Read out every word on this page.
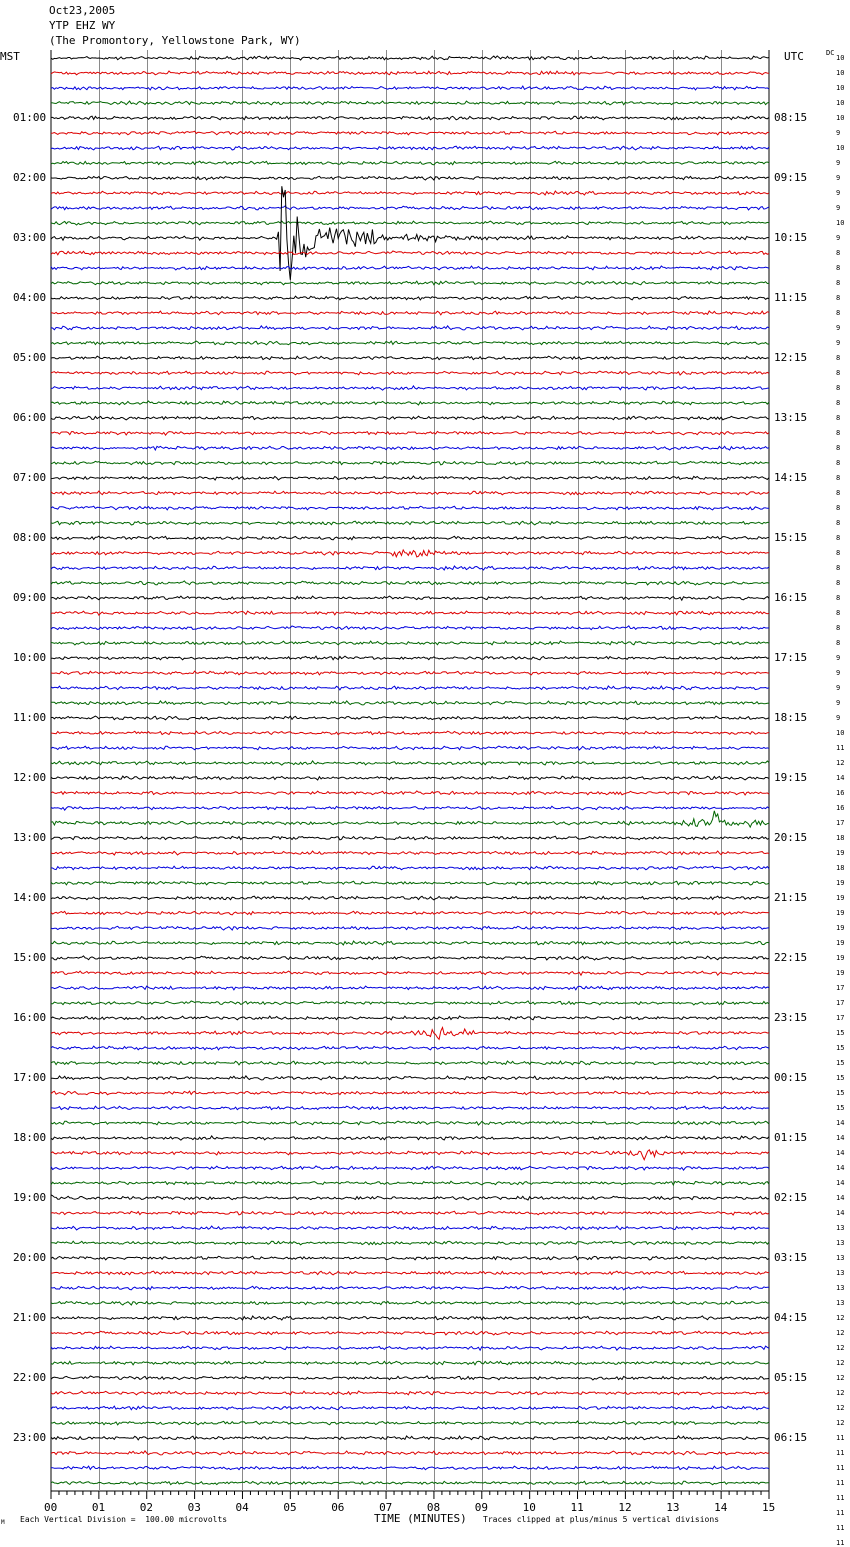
Oct23,2005
YTP EHZ WY
(The Promontory, Yellowstone Park, WY)
MST	UTC	DC
01:00
02:00
03:00
04:00
05:00
06:00
07:00
08:00
09:00
10:00
11:00
12:00
13:00
14:00
15:00
16:00
17:00
18:00
19:00
20:00
21:00
22:00
23:00
08:15
09:15
10:15
11:15
12:15
13:15
14:15
15:15
16:15
17:15
18:15
19:15
20:15
21:15
22:15
23:15
00:15
01:15
02:15
03:15
04:15
05:15
06:15
10
10
10
10
10
9
10
9
9
9
9
10
9
8
8
8
8
8
9
9
8
8
8
8
8
8
8
8
8
8
8
8
8
8
8
8
8
8
8
8
9
9
9
9
9
10
11
12
14
16
16
17
18
19
18
19
19
19
19
19
19
19
17
17
17
15
15
15
15
15
15
14
14
14
14
14
14
14
13
13
13
13
13
13
12
12
12
12
12
12
12
12
11
11
11
11
11
11
11
11
00	01	02	03	04	05	06	07	08	09	10	11	12	13	14	15
TIME (MINUTES)
Each Vertical Division =  100.00 microvolts	Traces clipped at plus/minus 5 vertical divisions
M
